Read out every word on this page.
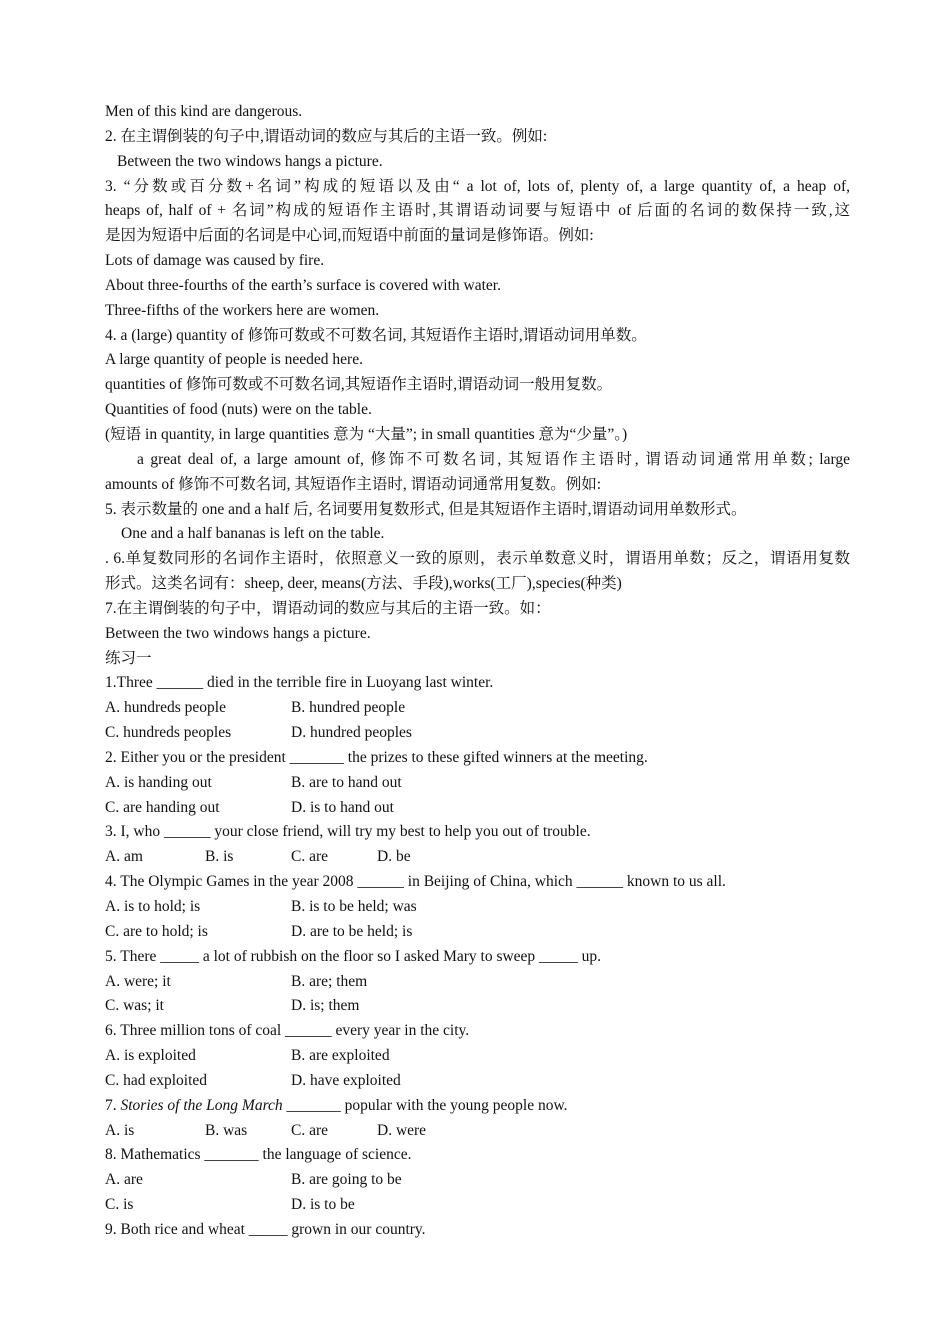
Men of this kind are dangerous.
2. 在主谓倒装的句子中,谓语动词的数应与其后的主语一致。例如:
Between the two windows hangs a picture.
3. “分数或百分数+名词”构成的短语以及由“ a lot of, lots of, plenty of, a large quantity of, a heap of,
heaps of, half of + 名词”构成的短语作主语时,其谓语动词要与短语中 of 后面的名词的数保持一致,这
是因为短语中后面的名词是中心词,而短语中前面的量词是修饰语。例如:
Lots of damage was caused by fire.
About three-fourths of the earth’s surface is covered with water.
Three-fifths of the workers here are women.
4. a (large) quantity of 修饰可数或不可数名词, 其短语作主语时,谓语动词用单数。
A large quantity of people is needed here.
quantities of 修饰可数或不可数名词,其短语作主语时,谓语动词一般用复数。
Quantities of food (nuts) were on the table.
(短语 in quantity, in large quantities 意为 “大量”; in small quantities 意为“少量”。)
a great deal of, a large amount of, 修饰不可数名词, 其短语作主语时, 谓语动词通常用单数; large
amounts of 修饰不可数名词, 其短语作主语时, 谓语动词通常用复数。例如:
5. 表示数量的 one and a half 后, 名词要用复数形式, 但是其短语作主语时,谓语动词用单数形式。
One and a half bananas is left on the table.
. 6.单复数同形的名词作主语时，依照意义一致的原则，表示单数意义时，谓语用单数；反之，谓语用复数
形式。这类名词有：sheep, deer, means(方法、手段),works(工厂),species(种类)
7.在主谓倒装的句子中，谓语动词的数应与其后的主语一致。如：
Between the two windows hangs a picture.
练习一
1.Three ______ died in the terrible fire in Luoyang last winter.
A. hundreds people	B. hundred people
C. hundreds peoples	D. hundred peoples
2. Either you or the president _______ the prizes to these gifted winners at the meeting.
A. is handing out	B. are to hand out
C. are handing out	D. is to hand out
3. I, who ______ your close friend, will try my best to help you out of trouble.
A. am	B. is	C. are	D. be
4. The Olympic Games in the year 2008 ______ in Beijing of China, which ______ known to us all.
A. is to hold; is	B. is to be held; was
C. are to hold; is	D. are to be held; is
5. There _____ a lot of rubbish on the floor so I asked Mary to sweep _____ up.
A. were; it	B. are; them
C. was; it	D. is; them
6. Three million tons of coal ______ every year in the city.
A. is exploited	B. are exploited
C. had exploited	D. have exploited
7. Stories of the Long March _______ popular with the young people now.
A. is	B. was	C. are	D. were
8. Mathematics _______ the language of science.
A. are	B. are going to be
C. is	D. is to be
9. Both rice and wheat _____ grown in our country.
